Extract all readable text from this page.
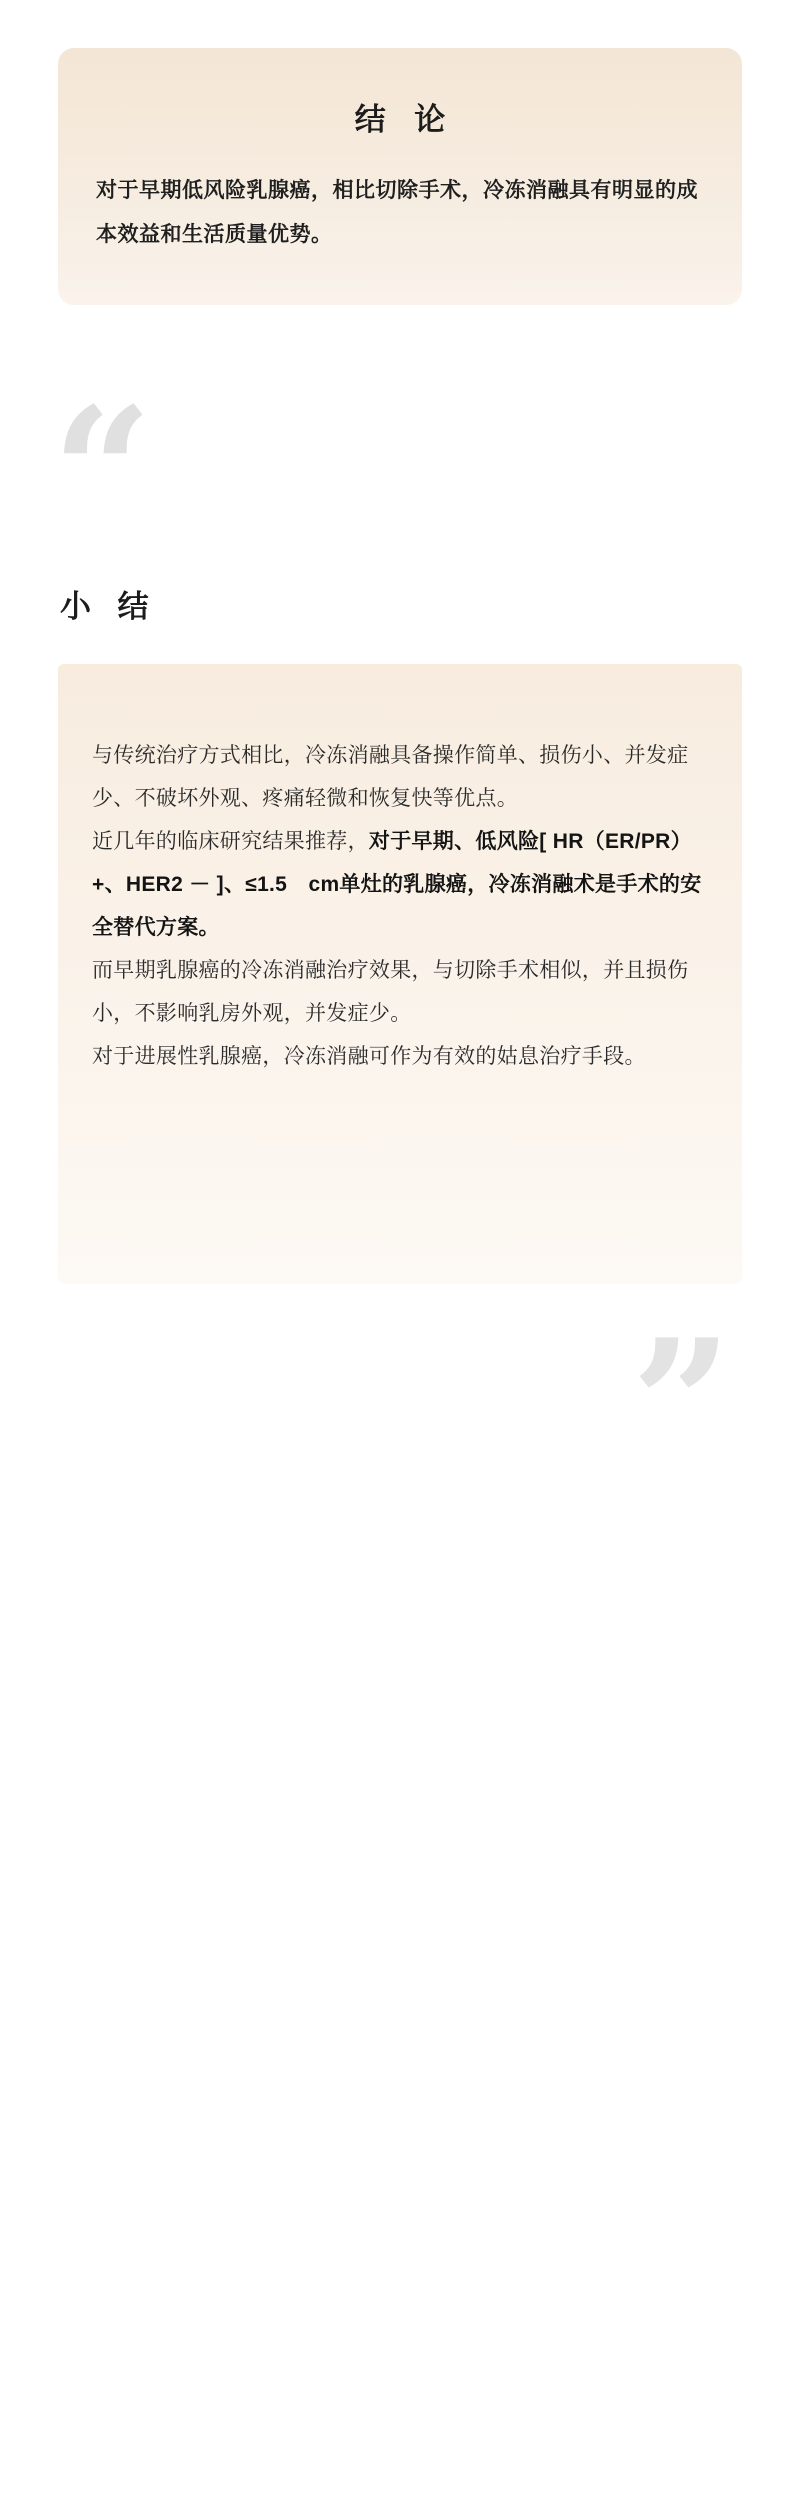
结 论

对于早期低风险乳腺癌，相比切除手术，冷冻消融具有明显的成本效益和生活质量优势。

“
小 结

与传统治疗方式相比，冷冻消融具备操作简单、损伤小、并发症少、不破坏外观、疼痛轻微和恢复快等优点。

近几年的临床研究结果推荐，对于早期、低风险[ HR（ER/PR）+、HER2 － ]、≤1.5　cm单灶的乳腺癌，冷冻消融术是手术的安全替代方案。

而早期乳腺癌的冷冻消融治疗效果，与切除手术相似，并且损伤小，不影响乳房外观，并发症少。

对于进展性乳腺癌，冷冻消融可作为有效的姑息治疗手段。

”
